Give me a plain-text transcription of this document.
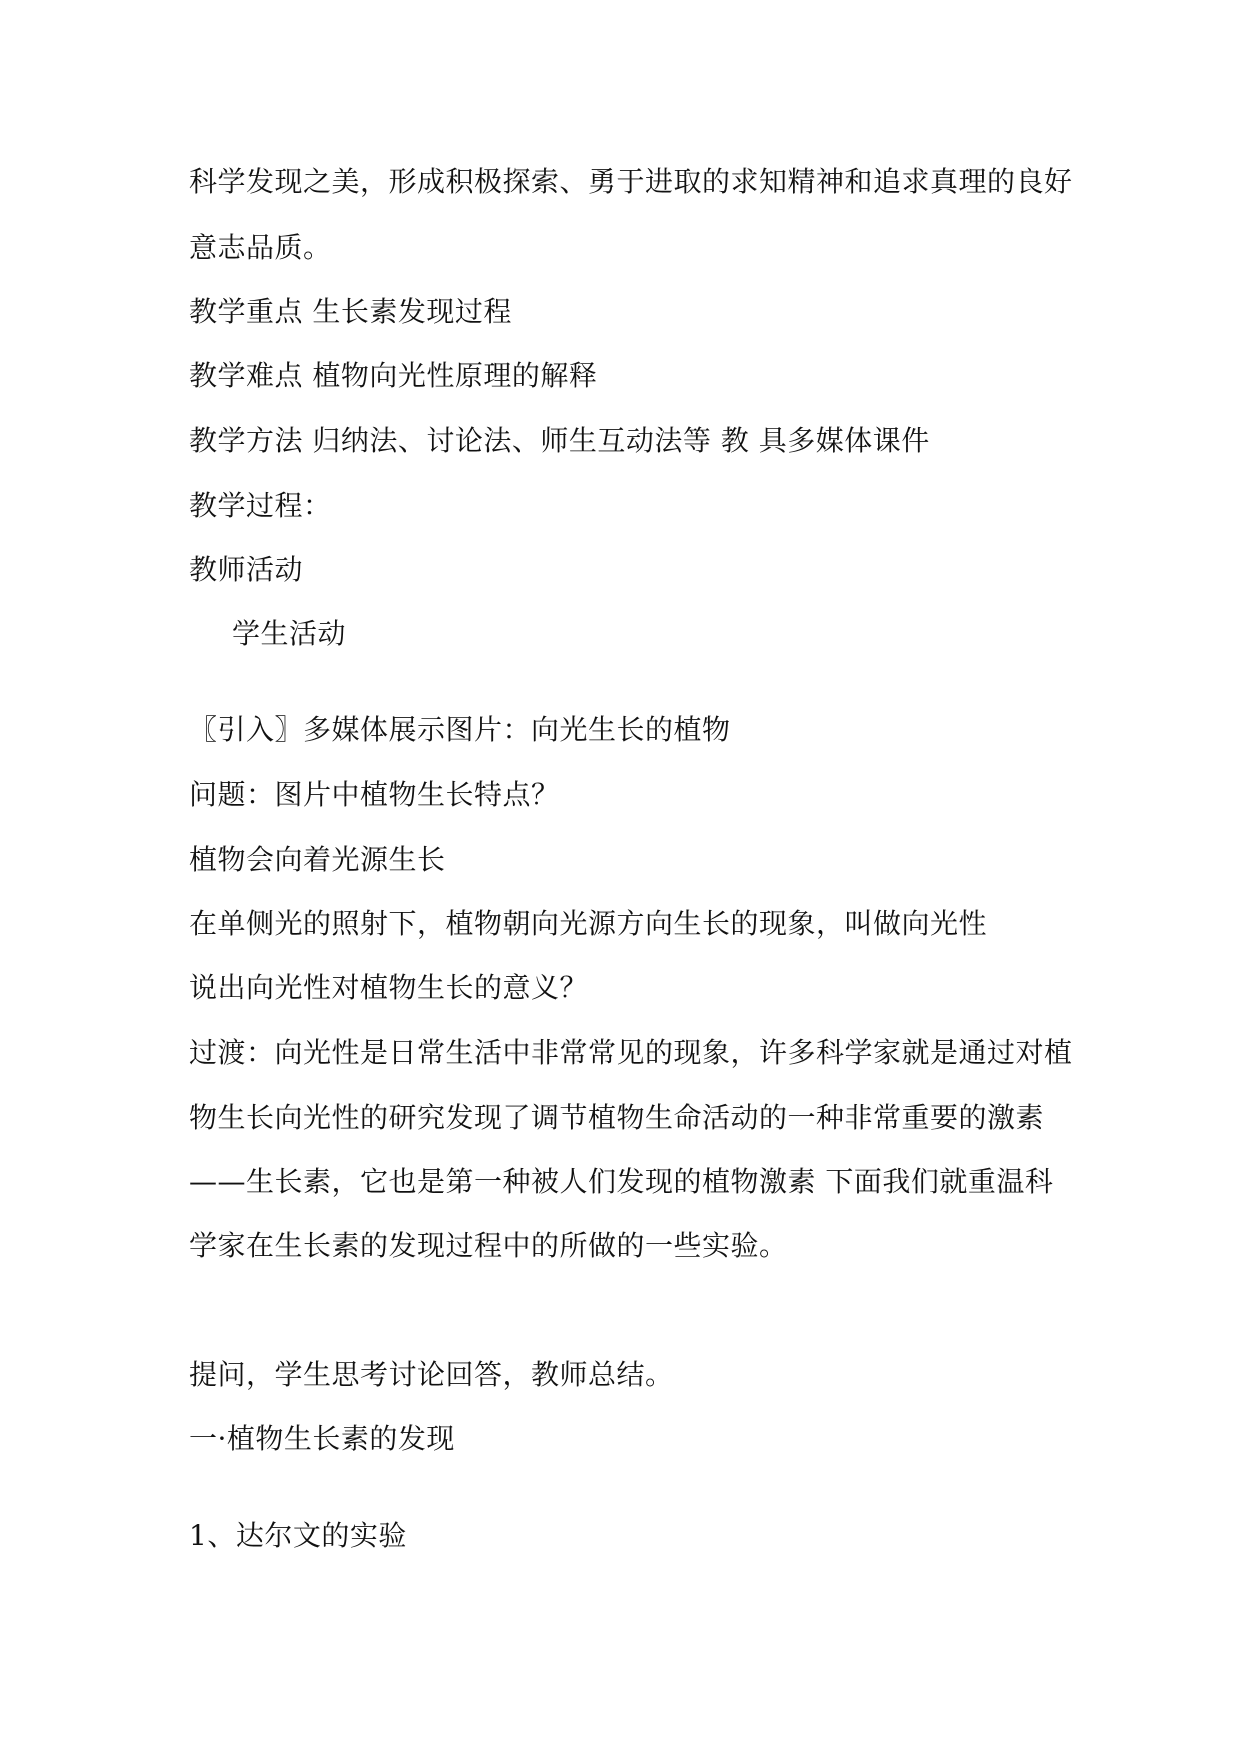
科学发现之美，形成积极探索、勇于进取的求知精神和追求真理的良好
意志品质。
教学重点 生长素发现过程
教学难点 植物向光性原理的解释
教学方法 归纳法、讨论法、师生互动法等 教 具多媒体课件
教学过程：
教师活动
学生活动
〖引入〗多媒体展示图片：向光生长的植物
问题：图片中植物生长特点？
植物会向着光源生长
在单侧光的照射下，植物朝向光源方向生长的现象，叫做向光性
说出向光性对植物生长的意义？
过渡：向光性是日常生活中非常常见的现象，许多科学家就是通过对植
物生长向光性的研究发现了调节植物生命活动的一种非常重要的激素
——生长素，它也是第一种被人们发现的植物激素 下面我们就重温科
学家在生长素的发现过程中的所做的一些实验。
提问，学生思考讨论回答，教师总结。
一·植物生长素的发现
1、达尔文的实验
